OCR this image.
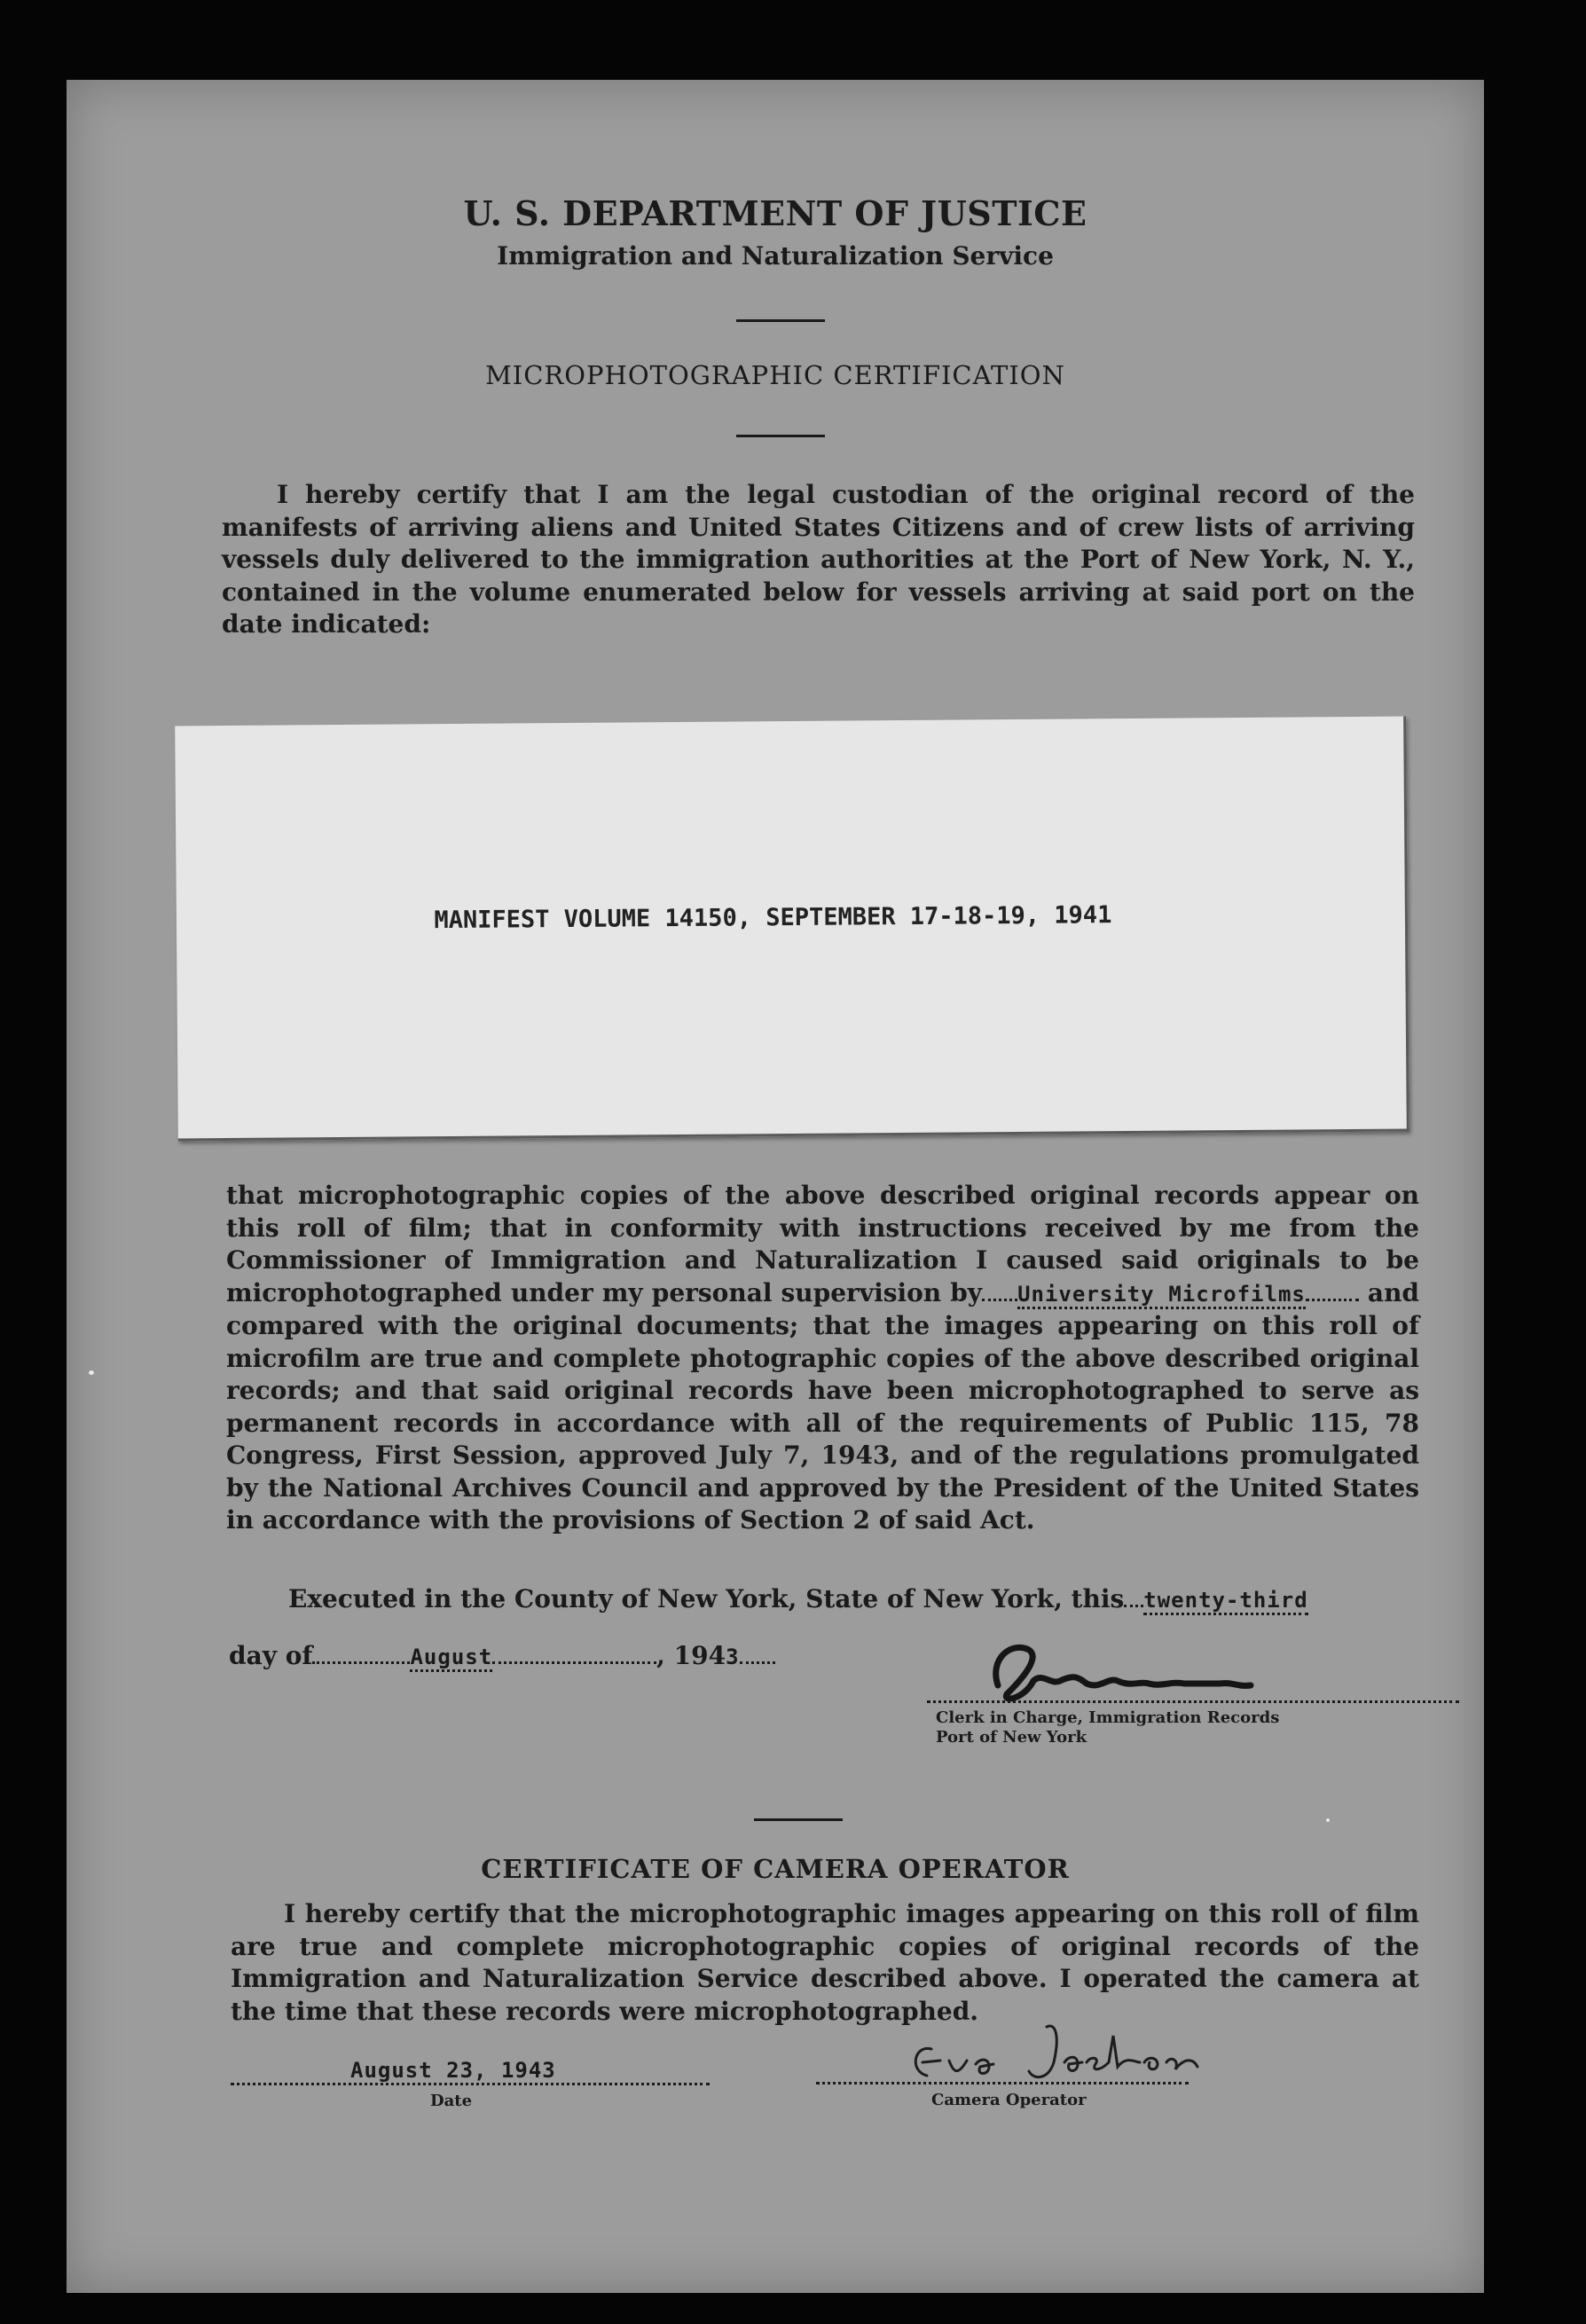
U. S. DEPARTMENT OF JUSTICE
Immigration and Naturalization Service
MICROPHOTOGRAPHIC CERTIFICATION

I hereby certify that I am the legal custodian of the original record of the manifests of arriving aliens and United States Citizens and of crew lists of arriving vessels duly delivered to the immigration authorities at the Port of New York, N. Y., contained in the volume enumerated below for vessels arriving at said port on the date indicated:

MANIFEST VOLUME 14150, SEPTEMBER 17-18-19, 1941

that microphotographic copies of the above described original records appear on this roll of film; that in conformity with instructions received by me from the Commissioner of Immigration and Naturalization I caused said originals to be microphotographed under my personal supervision by University Microfilms	and compared with the original documents; that the images appearing on this roll of microfilm are true and complete photographic copies of the above described original records; and that said original records have been microphotographed to serve as permanent records in accordance with all of the requirements of Public 115, 78 Congress, First Session, approved July 7, 1943, and of the regulations promulgated by the National Archives Council and approved by the President of the United States in accordance with the provisions of Section 2 of said Act.

Executed in the County of New York, State of New York, this twenty-third
day of	August	, 1943
Clerk in Charge, Immigration Records
Port of New York
CERTIFICATE OF CAMERA OPERATOR

I hereby certify that the microphotographic images appearing on this roll of film are true and complete microphotographic copies of original records of the Immigration and Naturalization Service described above. I operated the camera at the time that these records were microphotographed.

August 23, 1943
Date	Camera Operator
